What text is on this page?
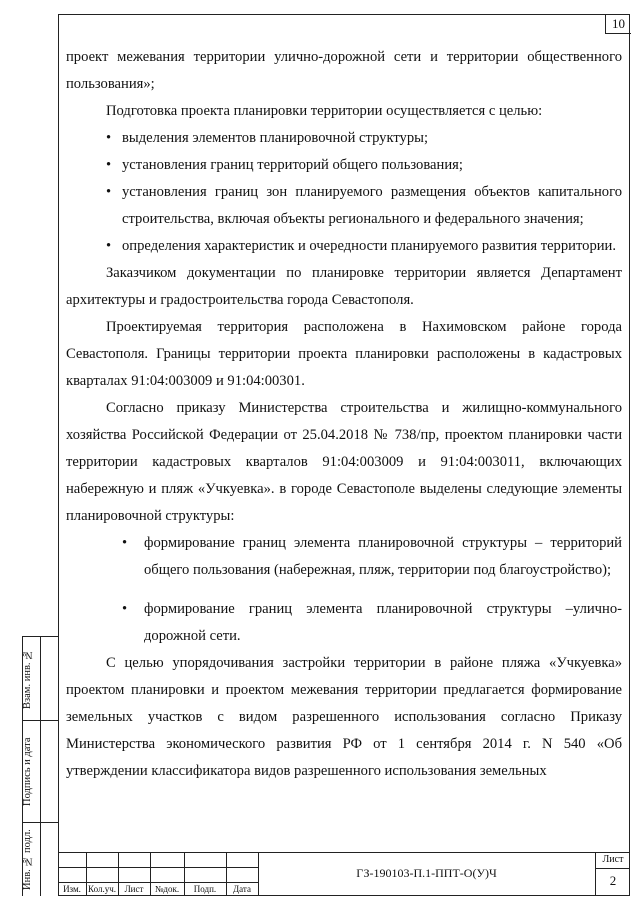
10

проект межевания территории улично-дорожной сети и территории общественного пользования»;

Подготовка проекта планировки территории осуществляется с целью:

• выделения элементов планировочной структуры;
• установления границ территорий общего пользования;
• установления границ зон планируемого размещения объектов капитального строительства, включая объекты регионального и федерального значения;
• определения характеристик и очередности планируемого развития территории.

Заказчиком документации по планировке территории является Департамент архитектуры и градостроительства города Севастополя.

Проектируемая территория расположена в Нахимовском районе города Севастополя. Границы территории проекта планировки расположены в кадастровых кварталах 91:04:003009 и 91:04:00301.

Согласно приказу Министерства строительства и жилищно-коммунального хозяйства Российской Федерации от 25.04.2018 № 738/пр, проектом планировки части территории кадастровых кварталов 91:04:003009 и 91:04:003011, включающих набережную и пляж «Учкуевка». в городе Севастополе выделены следующие элементы планировочной структуры:

• формирование границ элемента планировочной структуры – территорий общего пользования (набережная, пляж, территории под благоустройство);
• формирование границ элемента планировочной структуры –улично-дорожной сети.

С целью упорядочивания застройки территории в районе пляжа «Учкуевка» проектом планировки и проектом межевания территории предлагается формирование земельных участков с видом разрешенного использования согласно Приказу Министерства экономического развития РФ от 1 сентября 2014 г. N 540 «Об утверждении классификатора видов разрешенного использования земельных

Взам. инв. №
Подпись и дата
Инв. № подл.	Изм. Кол.уч. Лист	№док.	Подп.	Дата
ГЗ-190103-П.1-ППТ-О(У)Ч
Лист
2
